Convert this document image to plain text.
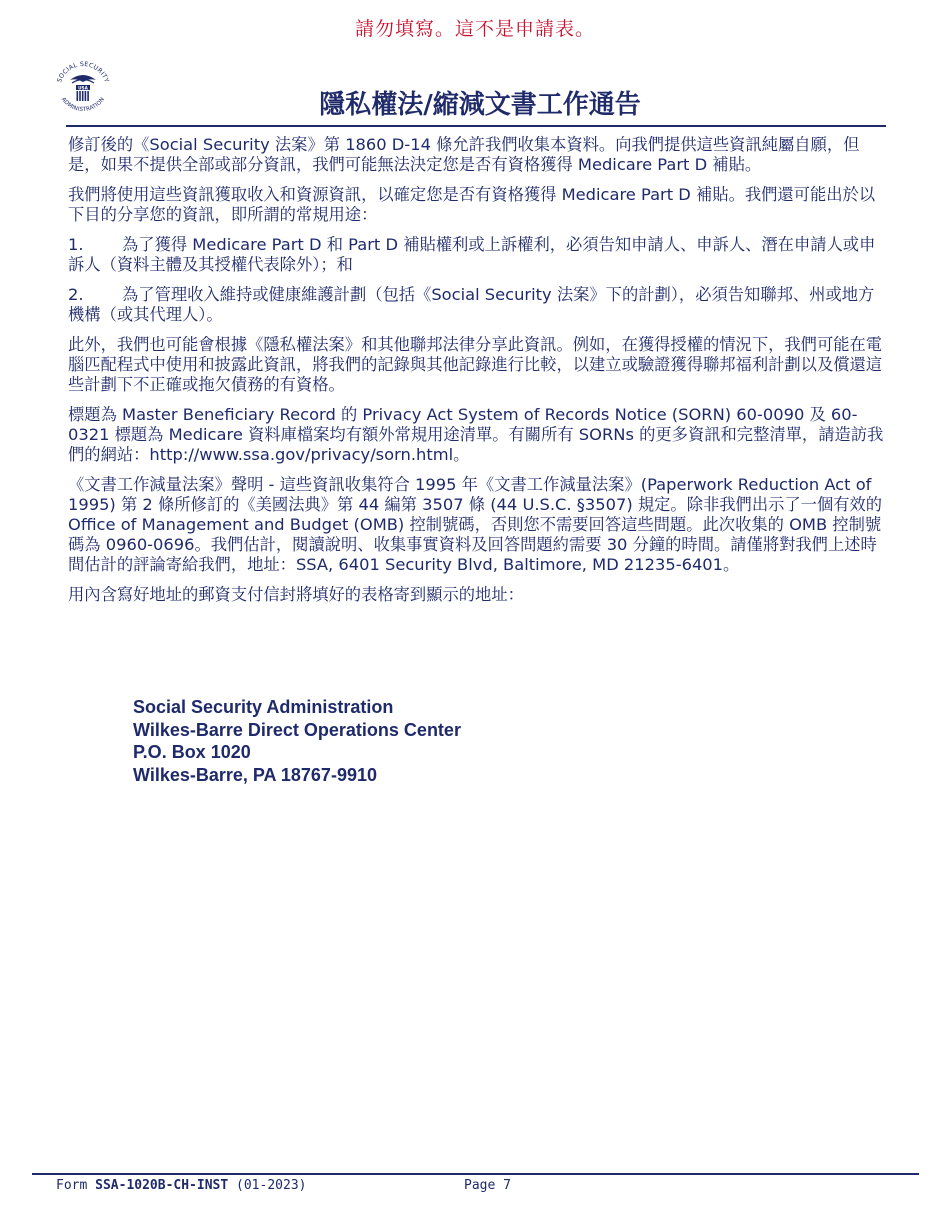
請勿填寫。這不是申請表。
SOCIAL SECURITY
ADMINISTRATION
USA
隱私權法/縮減文書工作通告

修訂後的《Social Security 法案》第 1860 D-14 條允許我們收集本資料。向我們提供這些資訊純屬自願，但是，如果不提供全部或部分資訊，我們可能無法決定您是否有資格獲得 Medicare Part D 補貼。

我們將使用這些資訊獲取收入和資源資訊，以確定您是否有資格獲得 Medicare Part D 補貼。我們還可能出於以下目的分享您的資訊，即所謂的常規用途：

1. 為了獲得 Medicare Part D 和 Part D 補貼權利或上訴權利，必須告知申請人、申訴人、潛在申請人或申訴人（資料主體及其授權代表除外）；和
2. 為了管理收入維持或健康維護計劃（包括《Social Security 法案》下的計劃），必須告知聯邦、州或地方機構（或其代理人）。

此外，我們也可能會根據《隱私權法案》和其他聯邦法律分享此資訊。例如，在獲得授權的情況下，我們可能在電腦匹配程式中使用和披露此資訊，將我們的記錄與其他記錄進行比較，以建立或驗證獲得聯邦福利計劃以及償還這些計劃下不正確或拖欠債務的有資格。

標題為 Master Beneficiary Record 的 Privacy Act System of Records Notice (SORN) 60-0090 及 60-0321 標題為 Medicare 資料庫檔案均有額外常規用途清單。有關所有 SORNs 的更多資訊和完整清單，請造訪我們的網站：http://www.ssa.gov/privacy/sorn.html。

《文書工作減量法案》聲明 - 這些資訊收集符合 1995 年《文書工作減量法案》(Paperwork Reduction Act of 1995) 第 2 條所修訂的《美國法典》第 44 編第 3507 條 (44 U.S.C. §3507) 規定。除非我們出示了一個有效的 Office of Management and Budget (OMB) 控制號碼，否則您不需要回答這些問題。此次收集的 OMB 控制號碼為 0960-0696。我們估計，閱讀說明、收集事實資料及回答問題約需要 30 分鐘的時間。請僅將對我們上述時間估計的評論寄給我們，地址：SSA, 6401 Security Blvd, Baltimore, MD 21235-6401。

用內含寫好地址的郵資支付信封將填好的表格寄到顯示的地址：

Social Security Administration
Wilkes-Barre Direct Operations Center
P.O. Box 1020
Wilkes-Barre, PA 18767-9910
Form SSA-1020B-CH-INST (01-2023)	Page 7
